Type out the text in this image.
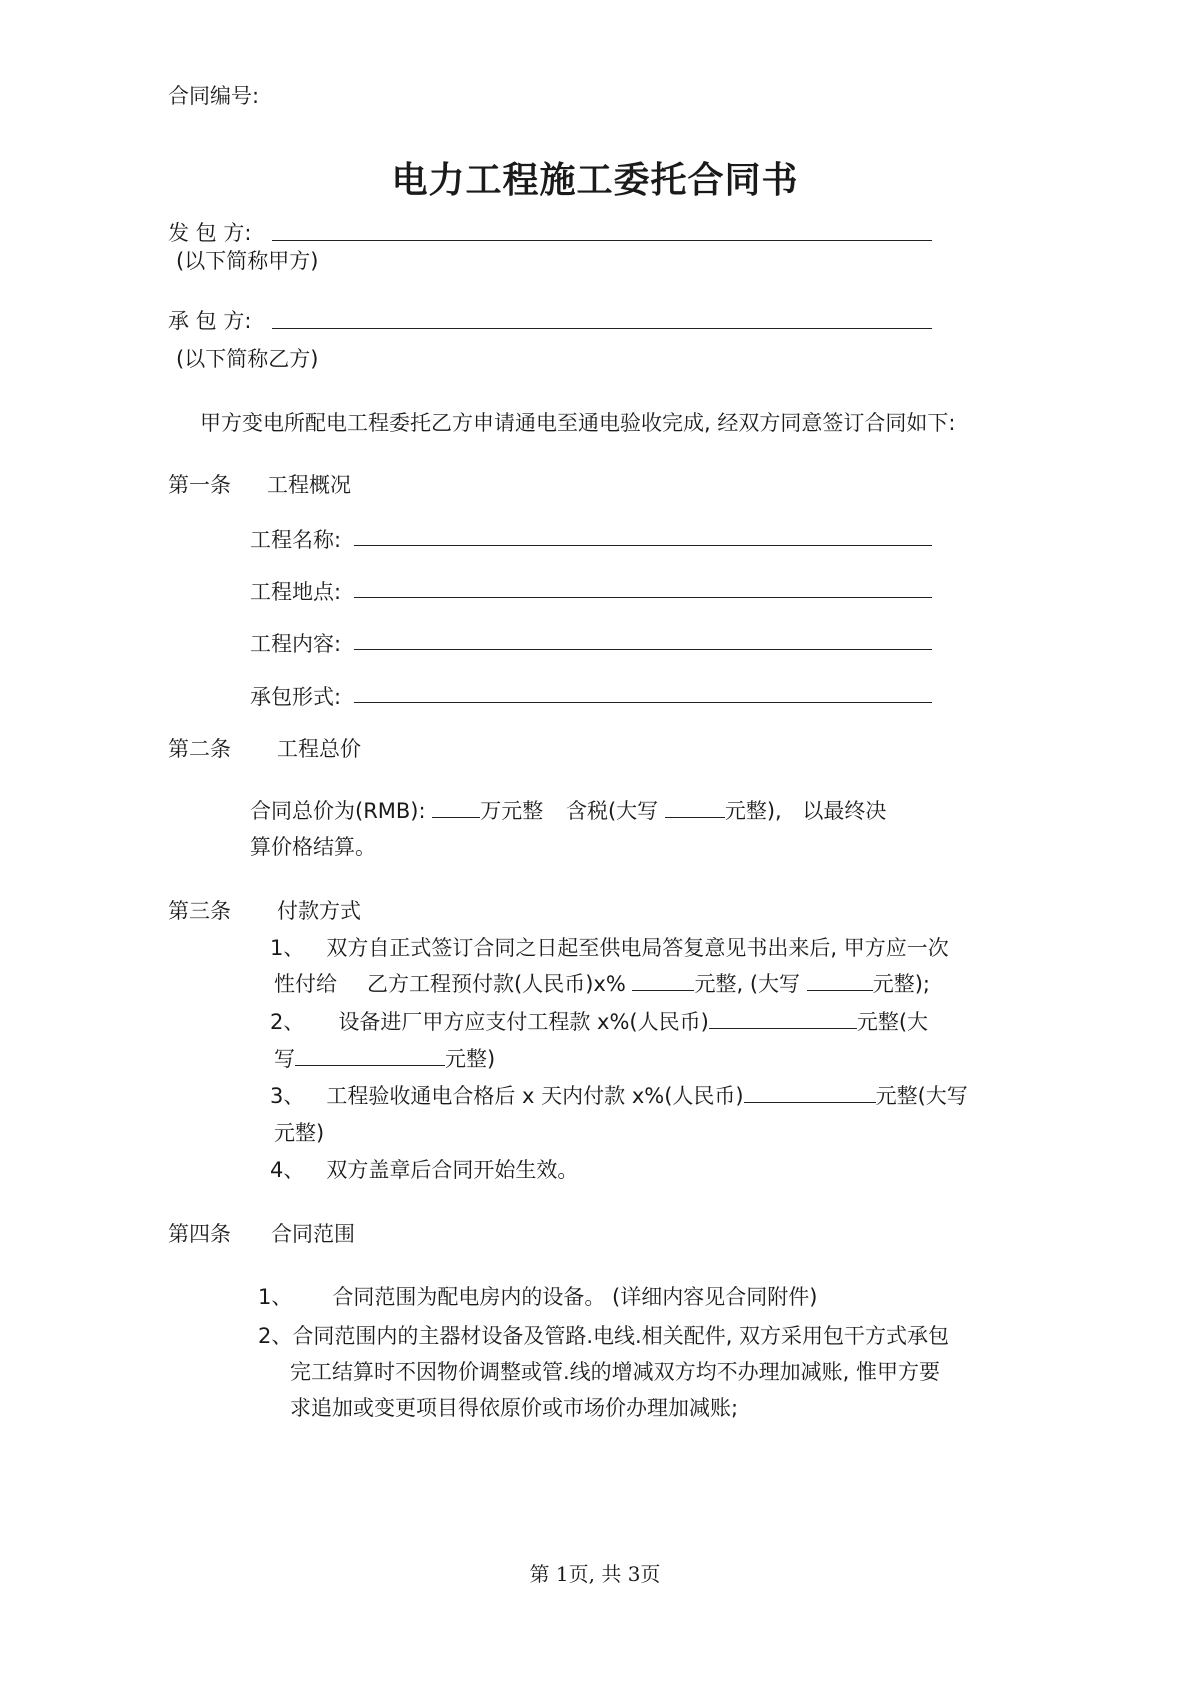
合同编号:
电力工程施工委托合同书
发 包 方:
(以下简称甲方)
承 包 方:
(以下简称乙方)
甲方变电所配电工程委托乙方申请通电至通电验收完成, 经双方同意签订合同如下:
第一条 工程概况
工程名称:
工程地点:
工程内容:
承包形式:
第二条 工程总价
合同总价为(RMB):	万元整 含税(大写	元整), 以最终决
算价格结算。
第三条 付款方式
1、 双方自正式签订合同之日起至供电局答复意见书出来后, 甲方应一次
性付给 乙方工程预付款(人民币)x%	元整, (大写	元整);
2、 设备进厂甲方应支付工程款 x%(人民币)	元整(大
写	元整)
3、 工程验收通电合格后 x 天内付款 x%(人民币)	元整(大写
元整)
4、 双方盖章后合同开始生效。
第四条 合同范围
1、 合同范围为配电房内的设备。 (详细内容见合同附件)
2、合同范围内的主器材设备及管路.电线.相关配件, 双方采用包干方式承包
完工结算时不因物价调整或管.线的增减双方均不办理加减账, 惟甲方要
求追加或变更项目得依原价或市场价办理加减账;
第 1页, 共 3页
